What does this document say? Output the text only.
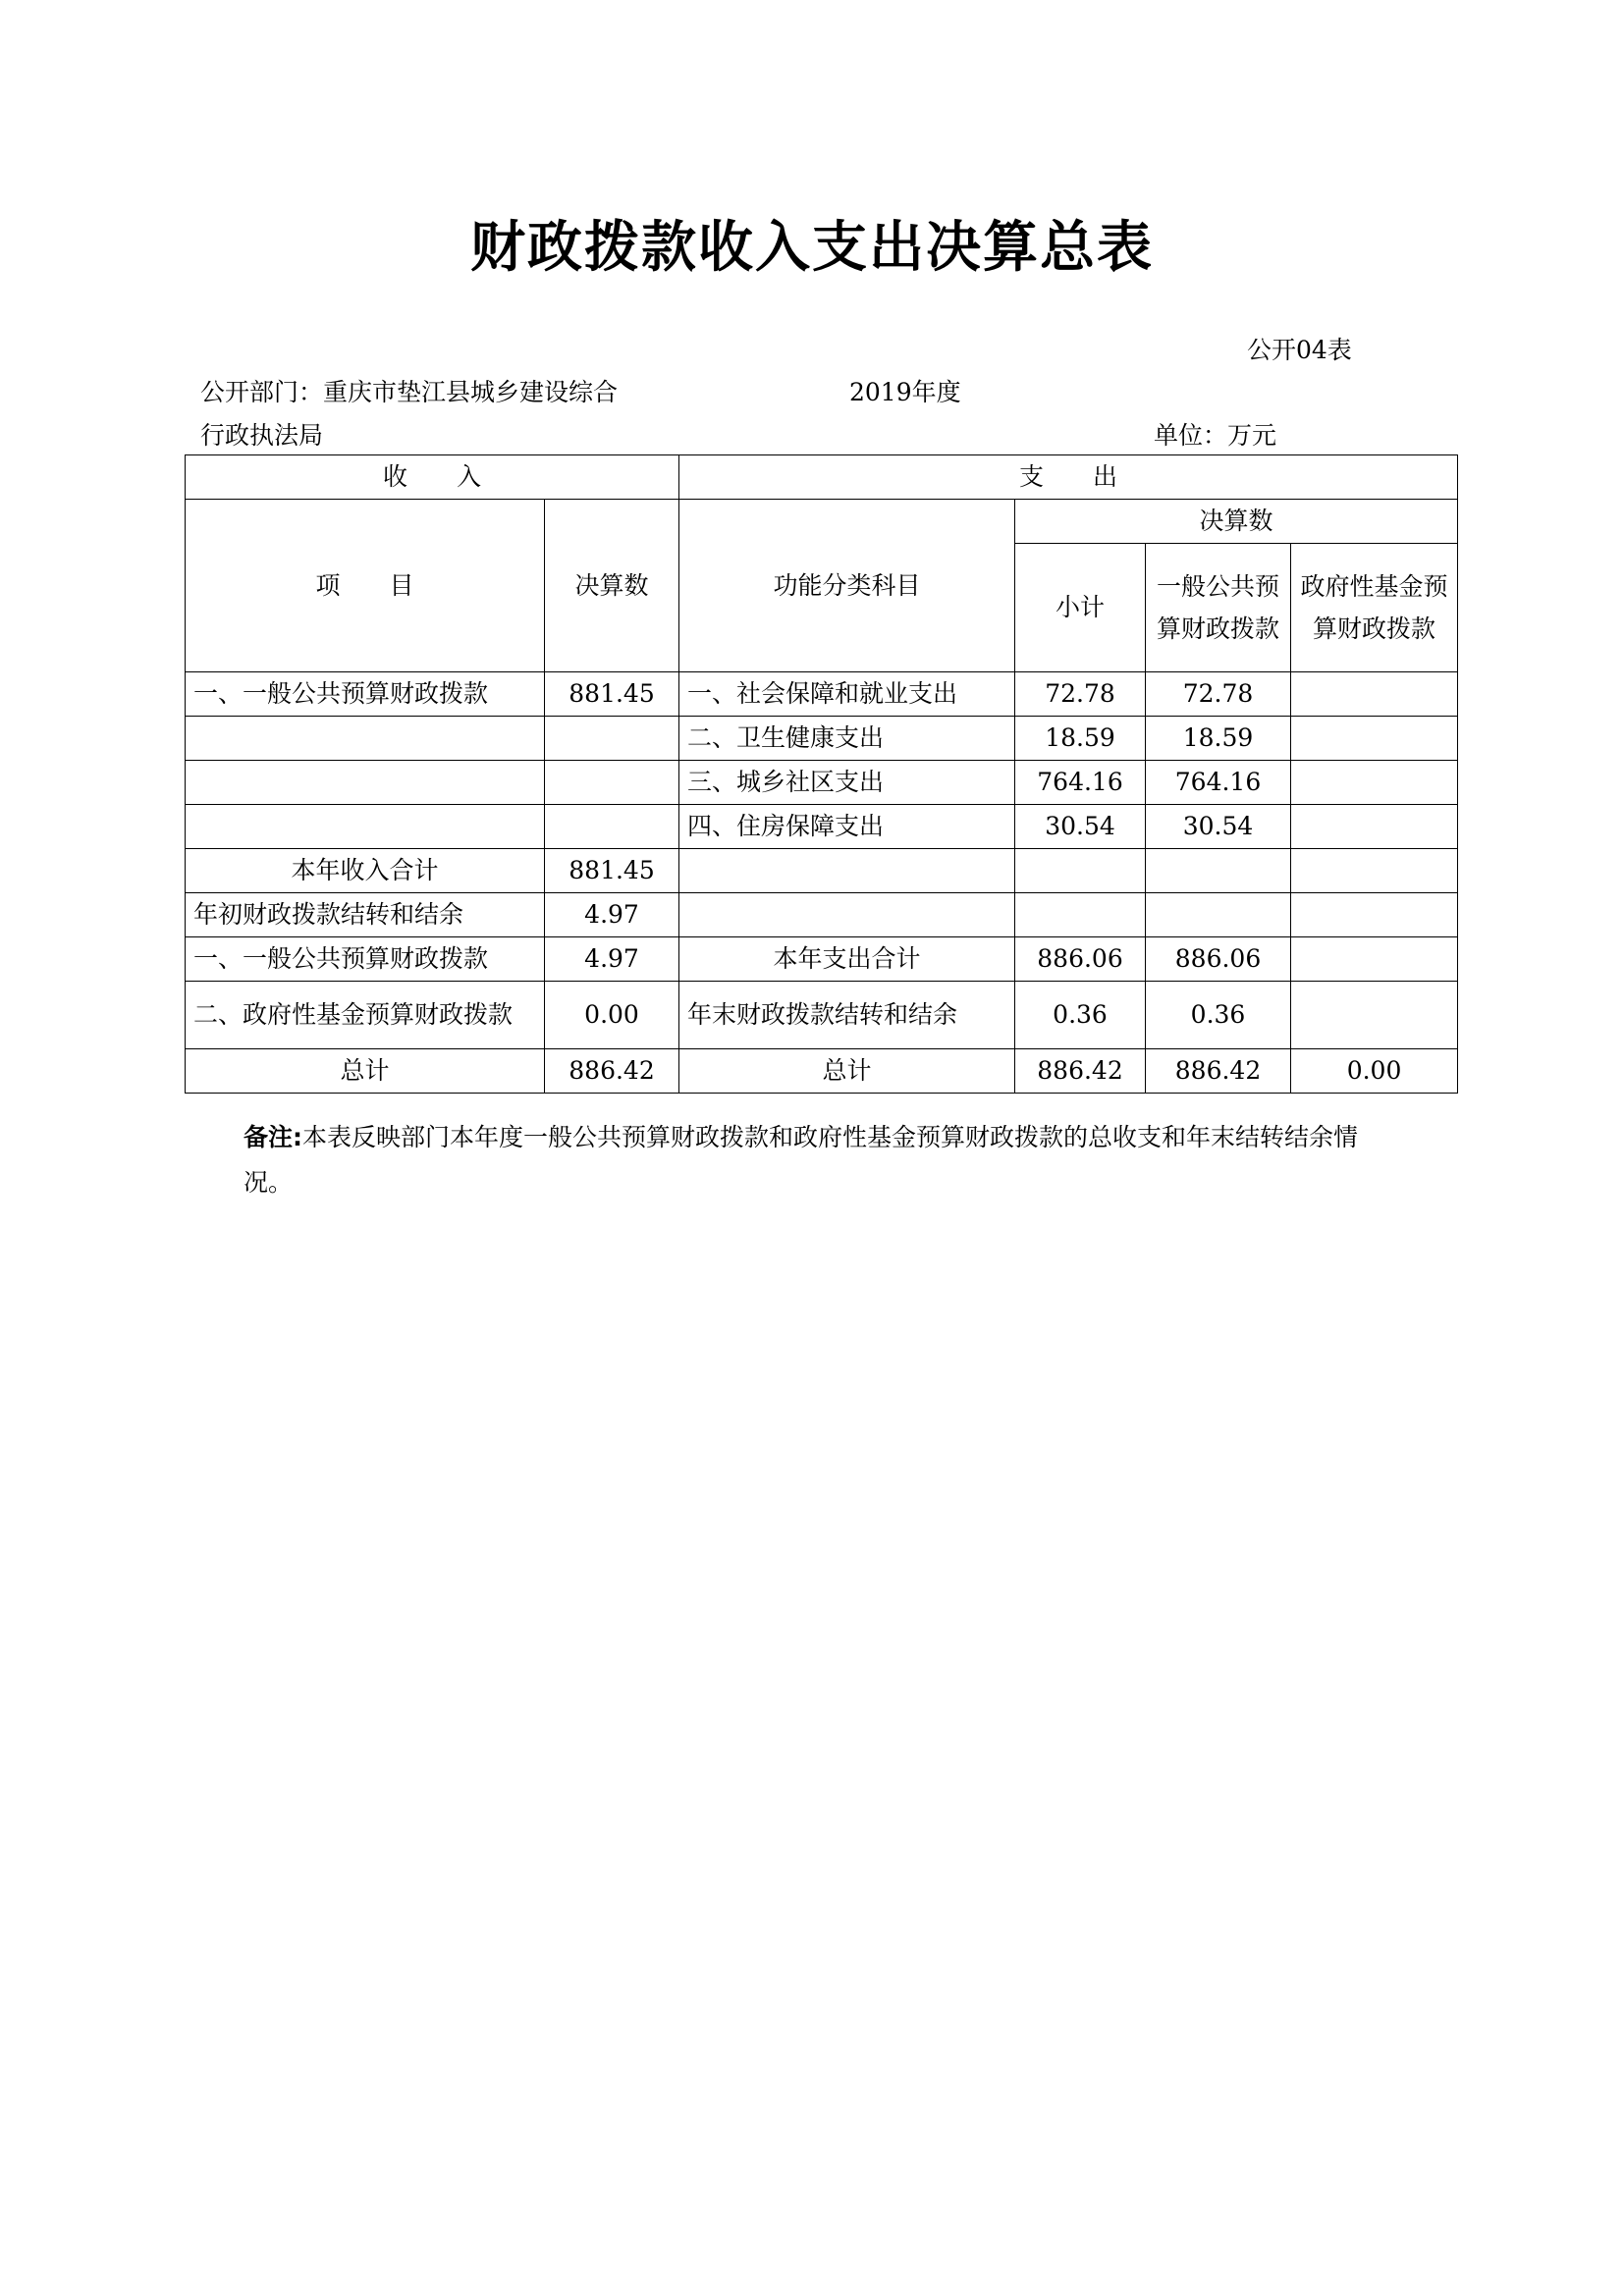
财政拨款收入支出决算总表
公开04表
公开部门：重庆市垫江县城乡建设综合
行政执法局
2019年度
单位：万元
收　　入		支　　出			
项　　目	决算数	功能分类科目	决算数		
			小计	一般公共预算财政拨款	政府性基金预算财政拨款
一、一般公共预算财政拨款	881.45	一、社会保障和就业支出	72.78	72.78	
		二、卫生健康支出	18.59	18.59	
		三、城乡社区支出	764.16	764.16	
		四、住房保障支出	30.54	30.54	
本年收入合计	881.45				
年初财政拨款结转和结余	4.97				
一、一般公共预算财政拨款	4.97	本年支出合计	886.06	886.06	
二、政府性基金预算财政拨款	0.00	年末财政拨款结转和结余	0.36	0.36	
总计	886.42	总计	886.42	886.42	0.00
备注:本表反映部门本年度一般公共预算财政拨款和政府性基金预算财政拨款的总收支和年末结转结余情况。
